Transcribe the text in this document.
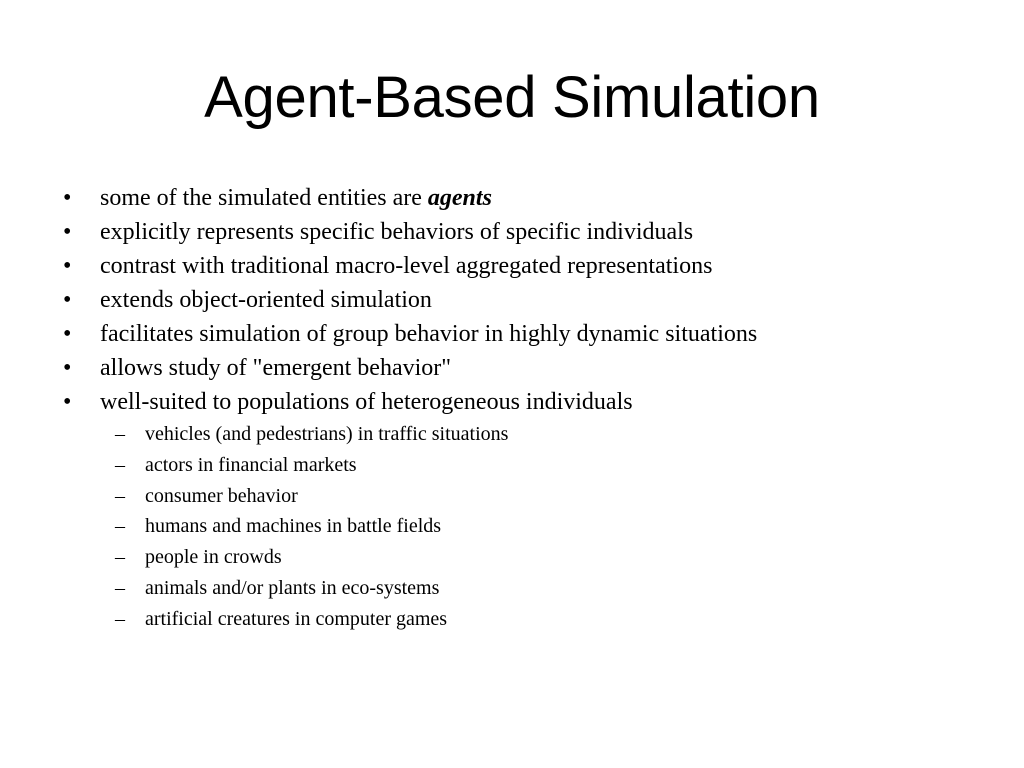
Agent-Based Simulation
• some of the simulated entities are agents
• explicitly represents specific behaviors of specific individuals
• contrast with traditional macro-level aggregated representations
• extends object-oriented simulation
• facilitates simulation of group behavior in highly dynamic situations
• allows study of "emergent behavior"
• well-suited to populations of heterogeneous individuals
– vehicles (and pedestrians) in traffic situations
– actors in financial markets
– consumer behavior
– humans and machines in battle fields
– people in crowds
– animals and/or plants in eco-systems
– artificial creatures in computer games
